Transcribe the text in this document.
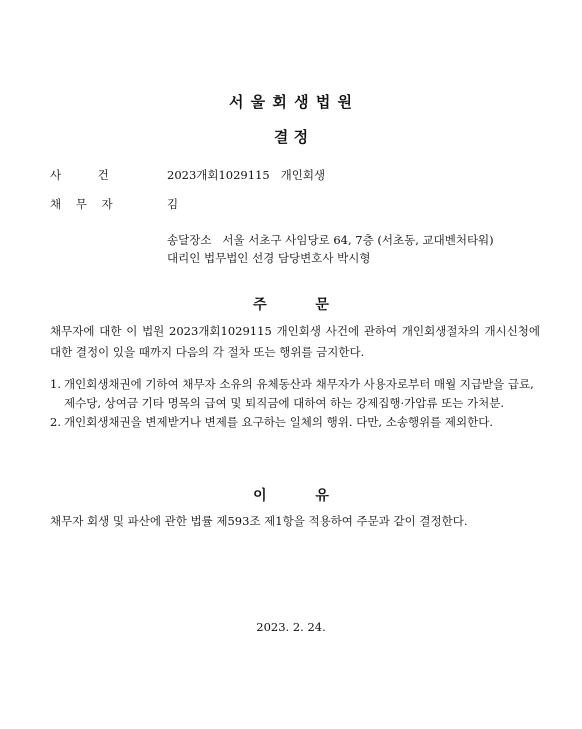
서 울 회 생 법 원
결 정
사          건	2023개회1029115   개인회생
채    무    자	김
송달장소 서울 서초구 사임당로 64, 7층 (서초동, 교대벤처타워)
대리인 법무법인 선경 담당변호사 박시형
주          문
채무자에 대한 이 법원 2023개회1029115 개인회생 사건에 관하여 개인회생절차의 개시신청에 대한 결정이 있을 때까지 다음의 각 절차 또는 행위를 금지한다.
1. 개인회생채권에 기하여 채무자 소유의 유체동산과 채무자가 사용자로부터 매월 지급받을 급료, 제수당, 상여금 기타 명목의 급여 및 퇴직금에 대하여 하는 강제집행·가압류 또는 가처분.
2. 개인회생채권을 변제받거나 변제를 요구하는 일체의 행위. 다만, 소송행위를 제외한다.
이          유
채무자 회생 및 파산에 관한 법률 제593조 제1항을 적용하여 주문과 같이 결정한다.
2023. 2. 24.
